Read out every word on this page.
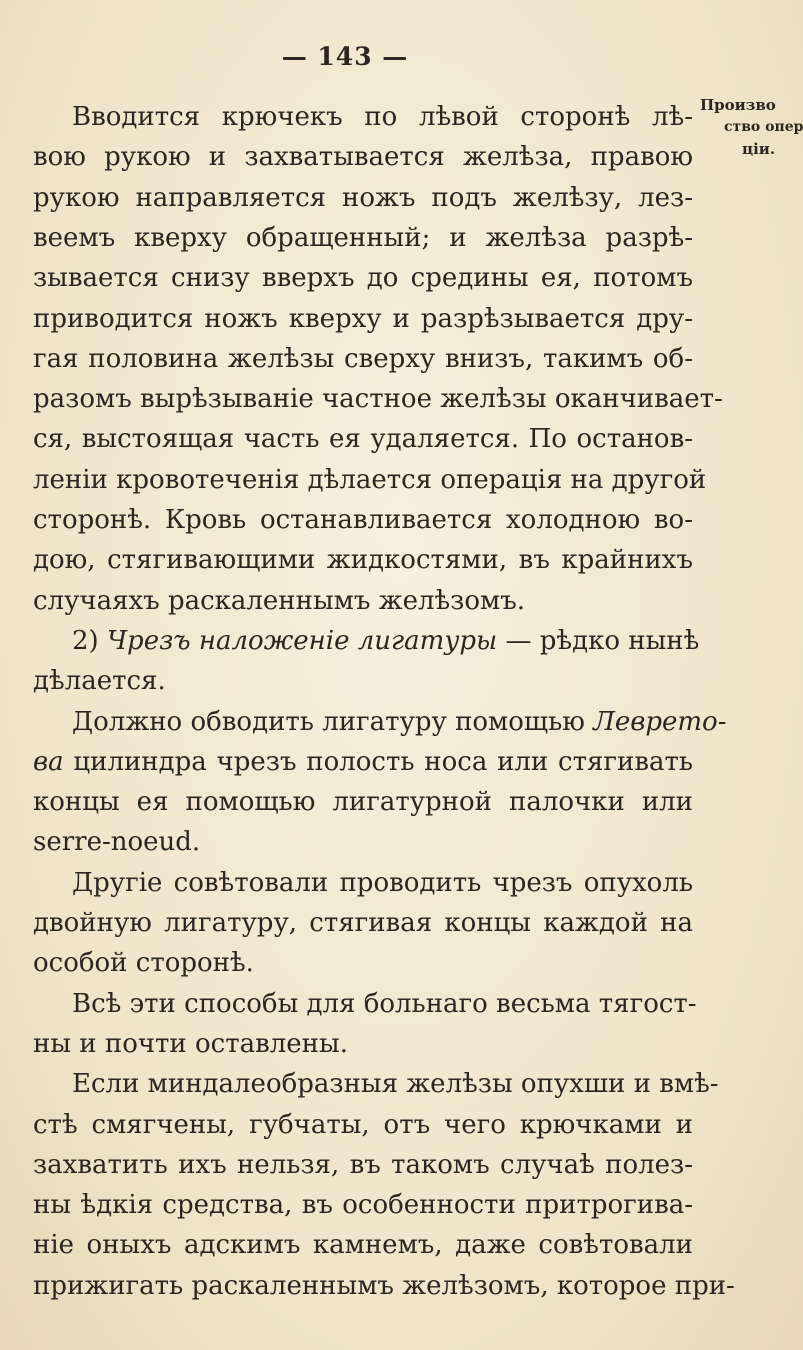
— 143 —
Произво
ство опер
ціи.
Вводится крючекъ по лѣвой сторонѣ лѣ-
вою рукою и захватывается желѣза, правою
рукою направляется ножъ подъ желѣзу, лез-
веемъ кверху обращенный; и желѣза разрѣ-
зывается снизу вверхъ до средины ея, потомъ
приводится ножъ кверху и разрѣзывается дру-
гая половина желѣзы сверху внизъ, такимъ об-
разомъ вырѣзываніе частное желѣзы оканчивает-
ся, выстоящая часть ея удаляется. По останов-
леніи кровотеченія дѣлается операція на другой
сторонѣ. Кровь останавливается холодною во-
дою, стягивающими жидкостями, въ крайнихъ
случаяхъ раскаленнымъ желѣзомъ.
2) Чрезъ наложеніе лигатуры — рѣдко нынѣ
дѣлается.
Должно обводить лигатуру помощью Леврето-
ва цилиндра чрезъ полость носа или стягивать
концы ея помощью лигатурной палочки или
serre-noeud.
Другіе совѣтовали проводить чрезъ опухоль
двойную лигатуру, стягивая концы каждой на
особой сторонѣ.
Всѣ эти способы для больнаго весьма тягост-
ны и почти оставлены.
Если миндалеобразныя желѣзы опухши и вмѣ-
стѣ смягчены, губчаты, отъ чего крючками и
захватить ихъ нельзя, въ такомъ случаѣ полез-
ны ѣдкія средства, въ особенности притрогива-
ніе оныхъ адскимъ камнемъ, даже совѣтовали
прижигать раскаленнымъ желѣзомъ, которое при-
